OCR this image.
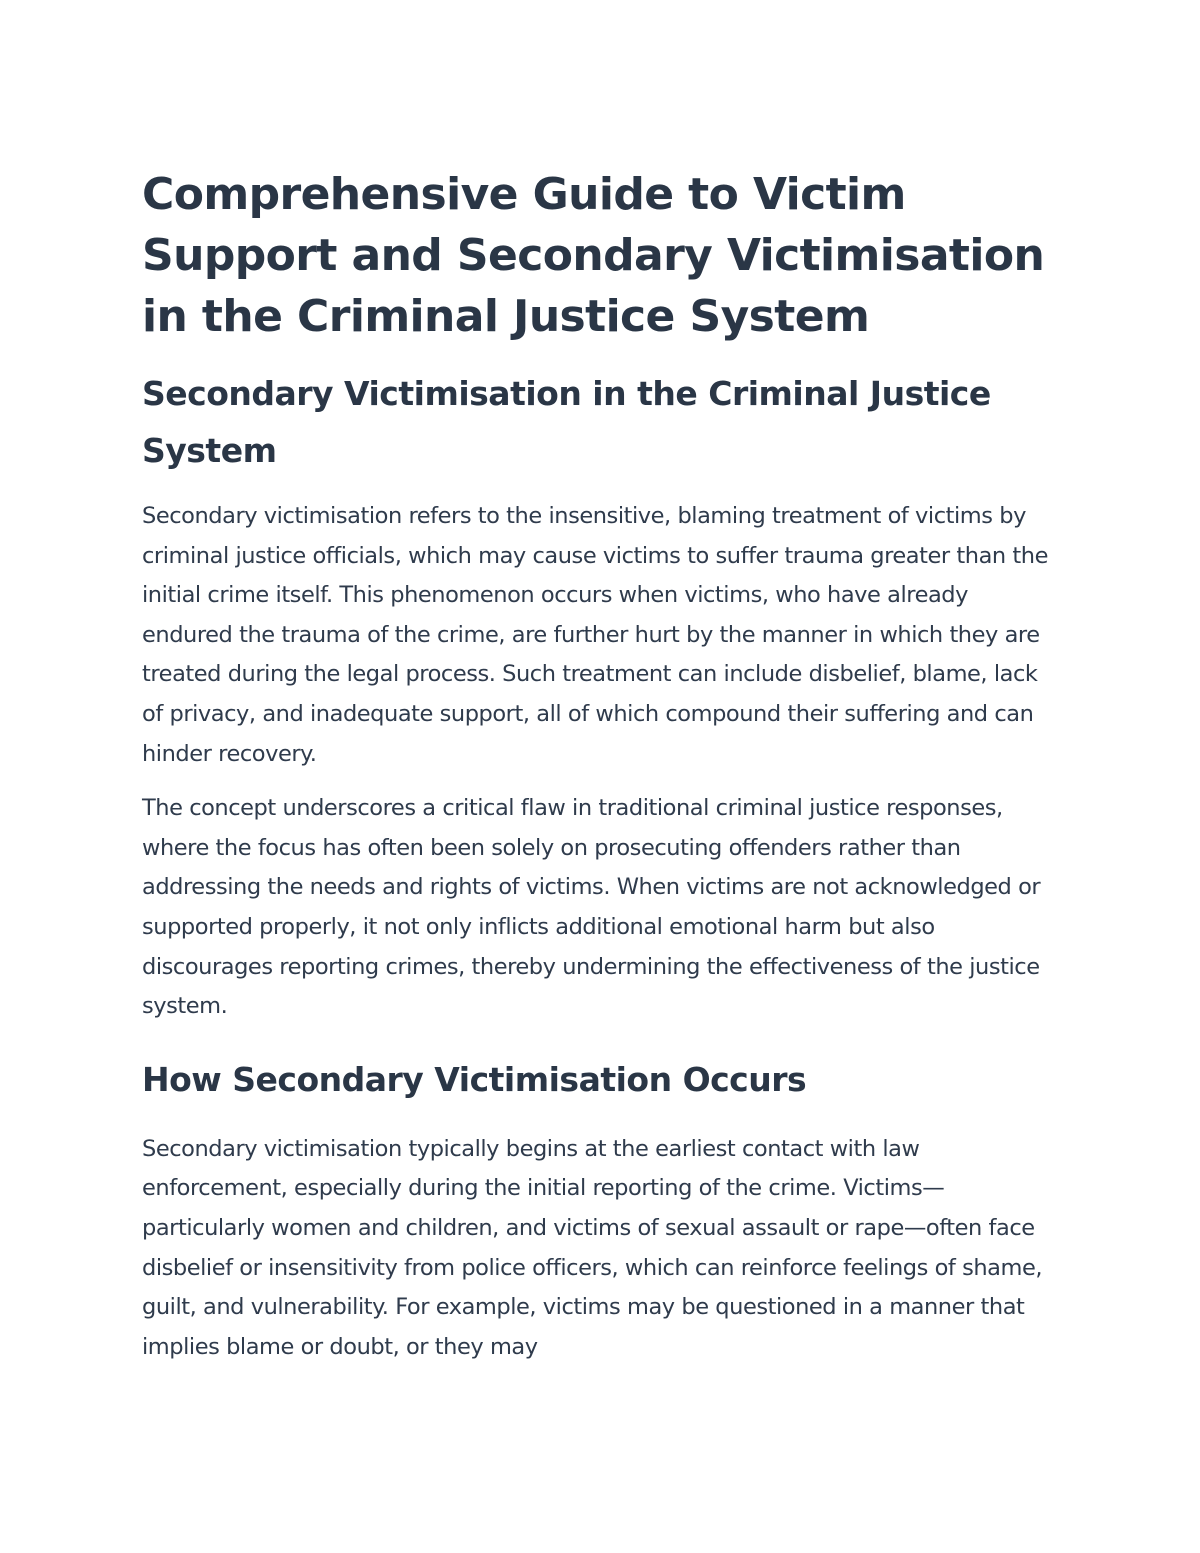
Comprehensive Guide to Victim Support and Secondary Victimisation in the Criminal Justice System
Secondary Victimisation in the Criminal Justice System

Secondary victimisation refers to the insensitive, blaming treatment of victims by criminal justice officials, which may cause victims to suffer trauma greater than the initial crime itself. This phenomenon occurs when victims, who have already endured the trauma of the crime, are further hurt by the manner in which they are treated during the legal process. Such treatment can include disbelief, blame, lack of privacy, and inadequate support, all of which compound their suffering and can hinder recovery.

The concept underscores a critical flaw in traditional criminal justice responses, where the focus has often been solely on prosecuting offenders rather than addressing the needs and rights of victims. When victims are not acknowledged or supported properly, it not only inflicts additional emotional harm but also discourages reporting crimes, thereby undermining the effectiveness of the justice system.

How Secondary Victimisation Occurs

Secondary victimisation typically begins at the earliest contact with law enforcement, especially during the initial reporting of the crime. Victims—particularly women and children, and victims of sexual assault or rape—often face disbelief or insensitivity from police officers, which can reinforce feelings of shame, guilt, and vulnerability. For example, victims may be questioned in a manner that implies blame or doubt, or they may
